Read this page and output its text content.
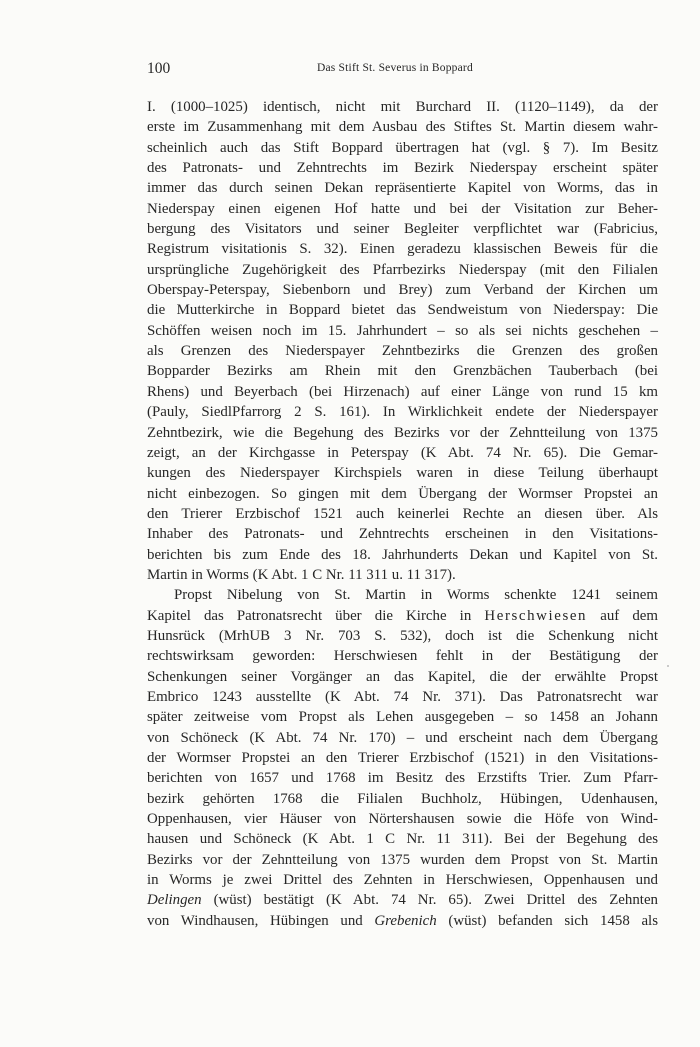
100	Das Stift St. Severus in Boppard
I. (1000–1025) identisch, nicht mit Burchard II. (1120–1149), da der
erste im Zusammenhang mit dem Ausbau des Stiftes St. Martin diesem wahr-
scheinlich auch das Stift Boppard übertragen hat (vgl. § 7). Im Besitz
des Patronats- und Zehntrechts im Bezirk Niederspay erscheint später
immer das durch seinen Dekan repräsentierte Kapitel von Worms, das in
Niederspay einen eigenen Hof hatte und bei der Visitation zur Beher-
bergung des Visitators und seiner Begleiter verpflichtet war (Fabricius,
Registrum visitationis S. 32). Einen geradezu klassischen Beweis für die
ursprüngliche Zugehörigkeit des Pfarrbezirks Niederspay (mit den Filialen
Oberspay-Peterspay, Siebenborn und Brey) zum Verband der Kirchen um
die Mutterkirche in Boppard bietet das Sendweistum von Niederspay: Die
Schöffen weisen noch im 15. Jahrhundert – so als sei nichts geschehen –
als Grenzen des Niederspayer Zehntbezirks die Grenzen des großen
Bopparder Bezirks am Rhein mit den Grenzbächen Tauberbach (bei
Rhens) und Beyerbach (bei Hirzenach) auf einer Länge von rund 15 km
(Pauly, SiedlPfarrorg 2 S. 161). In Wirklichkeit endete der Niederspayer
Zehntbezirk, wie die Begehung des Bezirks vor der Zehntteilung von 1375
zeigt, an der Kirchgasse in Peterspay (K Abt. 74 Nr. 65). Die Gemar-
kungen des Niederspayer Kirchspiels waren in diese Teilung überhaupt
nicht einbezogen. So gingen mit dem Übergang der Wormser Propstei an
den Trierer Erzbischof 1521 auch keinerlei Rechte an diesen über. Als
Inhaber des Patronats- und Zehntrechts erscheinen in den Visitations-
berichten bis zum Ende des 18. Jahrhunderts Dekan und Kapitel von St.
Martin in Worms (K Abt. 1 C Nr. 11 311 u. 11 317).
Propst Nibelung von St. Martin in Worms schenkte 1241 seinem
Kapitel das Patronatsrecht über die Kirche in Herschwiesen auf dem
Hunsrück (MrhUB 3 Nr. 703 S. 532), doch ist die Schenkung nicht
rechtswirksam geworden: Herschwiesen fehlt in der Bestätigung der
Schenkungen seiner Vorgänger an das Kapitel, die der erwählte Propst
Embrico 1243 ausstellte (K Abt. 74 Nr. 371). Das Patronatsrecht war
später zeitweise vom Propst als Lehen ausgegeben – so 1458 an Johann
von Schöneck (K Abt. 74 Nr. 170) – und erscheint nach dem Übergang
der Wormser Propstei an den Trierer Erzbischof (1521) in den Visitations-
berichten von 1657 und 1768 im Besitz des Erzstifts Trier. Zum Pfarr-
bezirk gehörten 1768 die Filialen Buchholz, Hübingen, Udenhausen,
Oppenhausen, vier Häuser von Nörtershausen sowie die Höfe von Wind-
hausen und Schöneck (K Abt. 1 C Nr. 11 311). Bei der Begehung des
Bezirks vor der Zehntteilung von 1375 wurden dem Propst von St. Martin
in Worms je zwei Drittel des Zehnten in Herschwiesen, Oppenhausen und
Delingen (wüst) bestätigt (K Abt. 74 Nr. 65). Zwei Drittel des Zehnten
von Windhausen, Hübingen und Grebenich (wüst) befanden sich 1458 als
